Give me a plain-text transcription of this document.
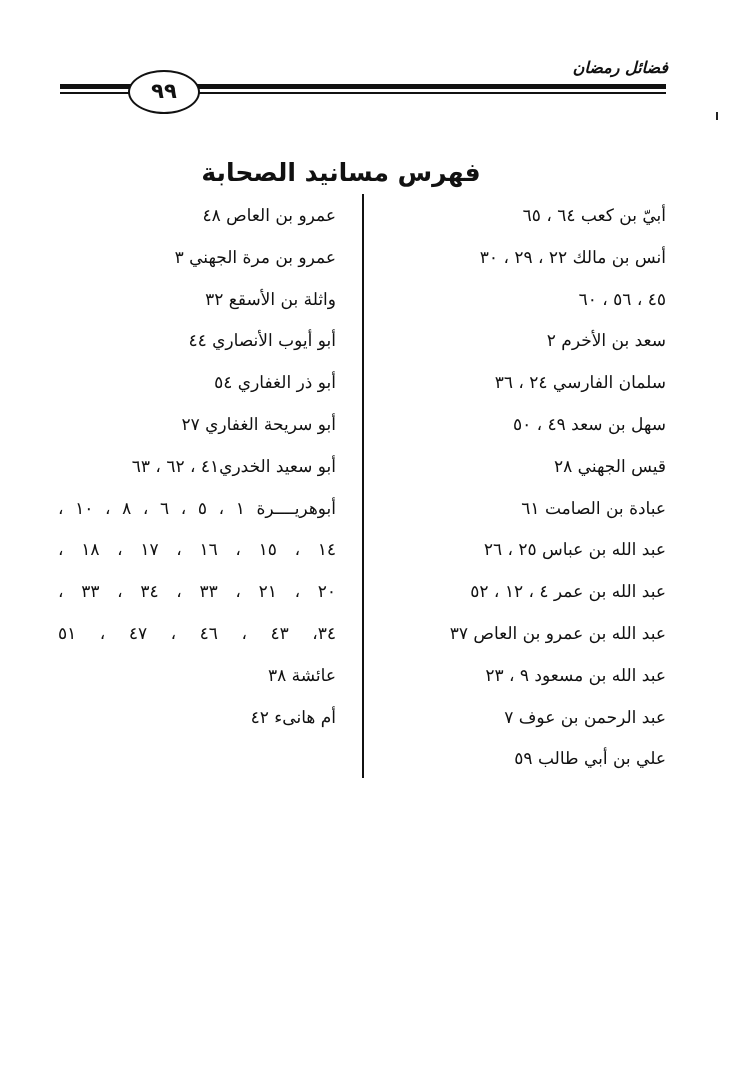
فضائل رمضان
٩٩
فهرس مسانيد الصحابة
أبيّ بن كعب ٦٤ ، ٦٥
أنس بن مالك ٢٢ ، ٢٩ ، ٣٠
٤٥ ، ٥٦ ، ٦٠
سعد بن الأخرم ٢
سلمان الفارسي ٢٤ ، ٣٦
سهل بن سعد ٤٩ ، ٥٠
قيس الجهني ٢٨
عبادة بن الصامت ٦١
عبد الله بن عباس ٢٥ ، ٢٦
عبد الله بن عمر ٤ ، ١٢ ، ٥٢
عبد الله بن عمرو بن العاص ٣٧
عبد الله بن مسعود ٩ ، ٢٣
عبد الرحمن بن عوف ٧
علي بن أبي طالب ٥٩
عمرو بن العاص ٤٨
عمرو بن مرة الجهني ٣
واثلة بن الأسقع ٣٢
أبو أيوب الأنصاري ٤٤
أبو ذر الغفاري ٥٤
أبو سريحة الغفاري ٢٧
أبو سعيد الخدري٤١ ، ٦٢ ، ٦٣
أبوهريــــرة ١ ، ٥ ، ٦ ، ٨ ، ١٠ ،
١٤ ، ١٥ ، ١٦ ، ١٧ ، ١٨ ،
٢٠ ، ٢١ ، ٣٣ ، ٣٤ ، ٣٣ ،
٣٤، ٤٣ ، ٤٦ ، ٤٧ ، ٥١
عائشة ٣٨
أم هانىء ٤٢
